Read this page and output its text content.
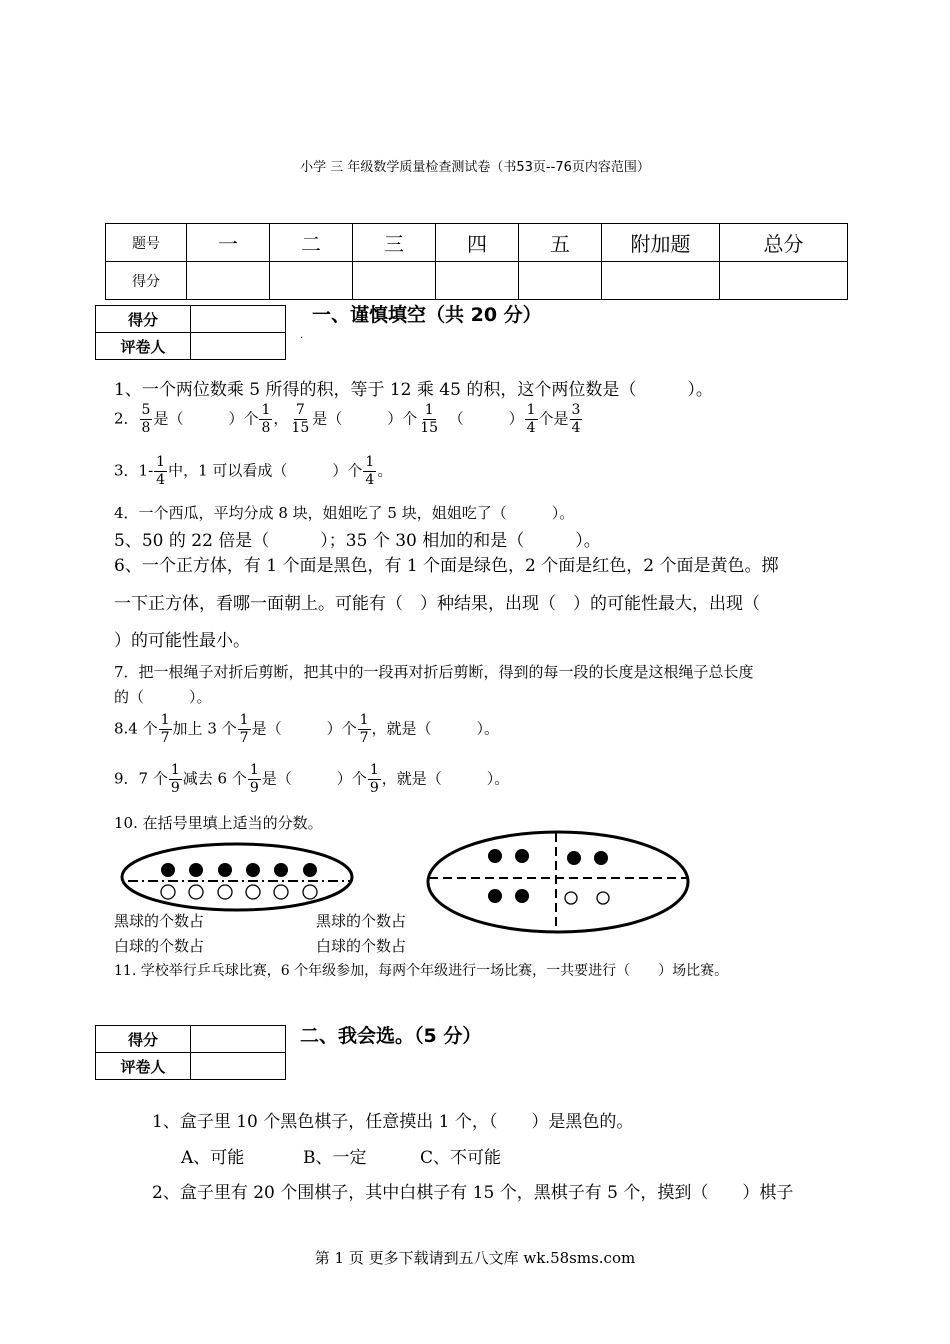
小学 三 年级数学质量检查测试卷（书53页--76页内容范围）
题号	一	二	三	四	五	附加题	总分
得分							
得分	
评卷人	
一、谨慎填空（共 20 分）
.
1、一个两位数乘 5 所得的积，等于 12 乘 45 的积，这个两位数是（　　　）。
2． $\frac{5}{8}$ 是（　　　）个 $\frac{1}{8}$ ， $\frac{7}{15}$ 是（　　　）个 $\frac{1}{15}$ 　（　　　） $\frac{1}{4}$ 个是 $\frac{3}{4}$
3．$1- \frac{1}{4}$ 中，1 可以看成（　　　）个 $\frac{1}{4}$ 。
4．一个西瓜，平均分成 8 块，姐姐吃了 5 块，姐姐吃了（　　　）。
5、50 的 22 倍是（　　　）；35 个 30 相加的和是（　　　）。
6、一个正方体，有 1 个面是黑色，有 1 个面是绿色，2 个面是红色，2 个面是黄色。掷
一下正方体，看哪一面朝上。可能有（　）种结果，出现（　）的可能性最大，出现（
）的可能性最小。
7．把一根绳子对折后剪断，把其中的一段再对折后剪断，得到的每一段的长度是这根绳子总长度
的（　　　）。
8.4 个 $\frac{1}{7}$ 加上 3 个 $\frac{1}{7}$ 是（　　　）个 $\frac{1}{7}$ ，就是（　　　）。
9．7 个 $\frac{1}{9}$ 减去 6 个 $\frac{1}{9}$ 是（　　　）个 $\frac{1}{9}$ ，就是（　　　）。
10. 在括号里填上适当的分数。
黑球的个数占
白球的个数占
黑球的个数占
白球的个数占
11. 学校举行乒乓球比赛，6 个年级参加，每两个年级进行一场比赛，一共要进行（　　）场比赛。
得分	
评卷人	
二、我会选。（5 分）
1、盒子里 10 个黑色棋子，任意摸出 1 个，（　　）是黑色的。
A、可能	B、一定	C、不可能
2、盒子里有 20 个围棋子，其中白棋子有 15 个，黑棋子有 5 个，摸到（　　）棋子
第 1 页 更多下载请到五八文库 wk.58sms.com
